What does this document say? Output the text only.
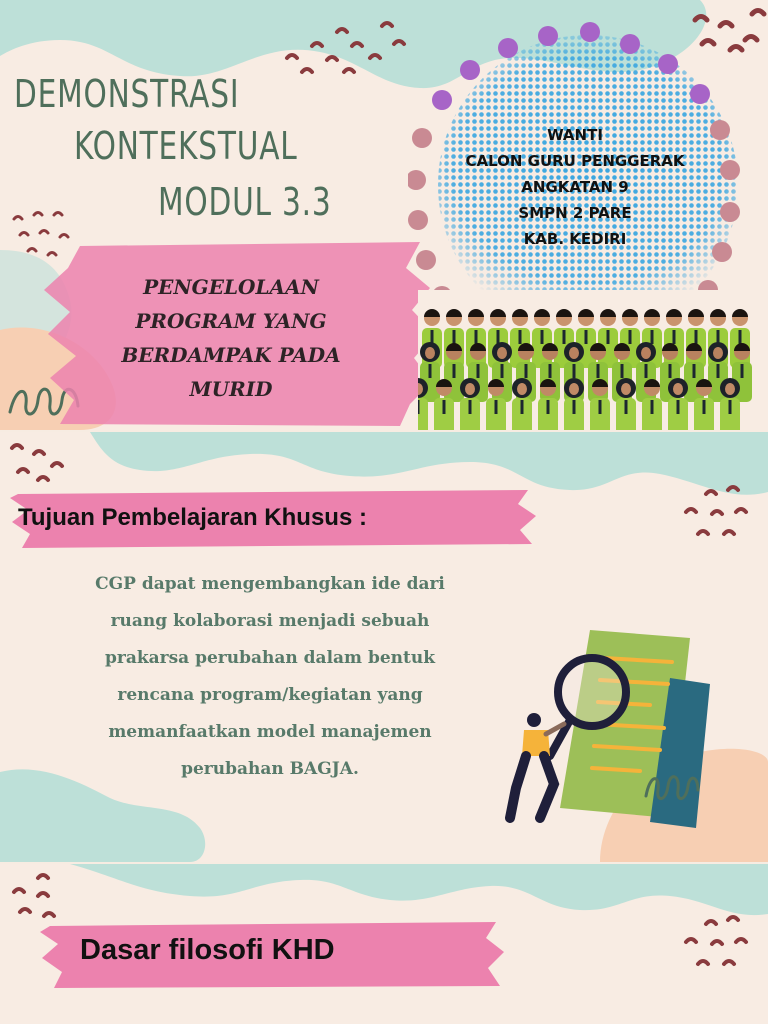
DEMONSTRASI
KONTEKSTUAL
MODUL 3.3
PENGELOLAAN
PROGRAM YANG
BERDAMPAK PADA
MURID
WANTI
CALON GURU PENGGERAK
ANGKATAN 9
SMPN 2 PARE
KAB. KEDIRI
Tujuan Pembelajaran Khusus :
CGP dapat mengembangkan ide dari
ruang kolaborasi menjadi sebuah
prakarsa perubahan dalam bentuk
rencana program/kegiatan yang
memanfaatkan model manajemen
perubahan BAGJA.
Dasar filosofi KHD
